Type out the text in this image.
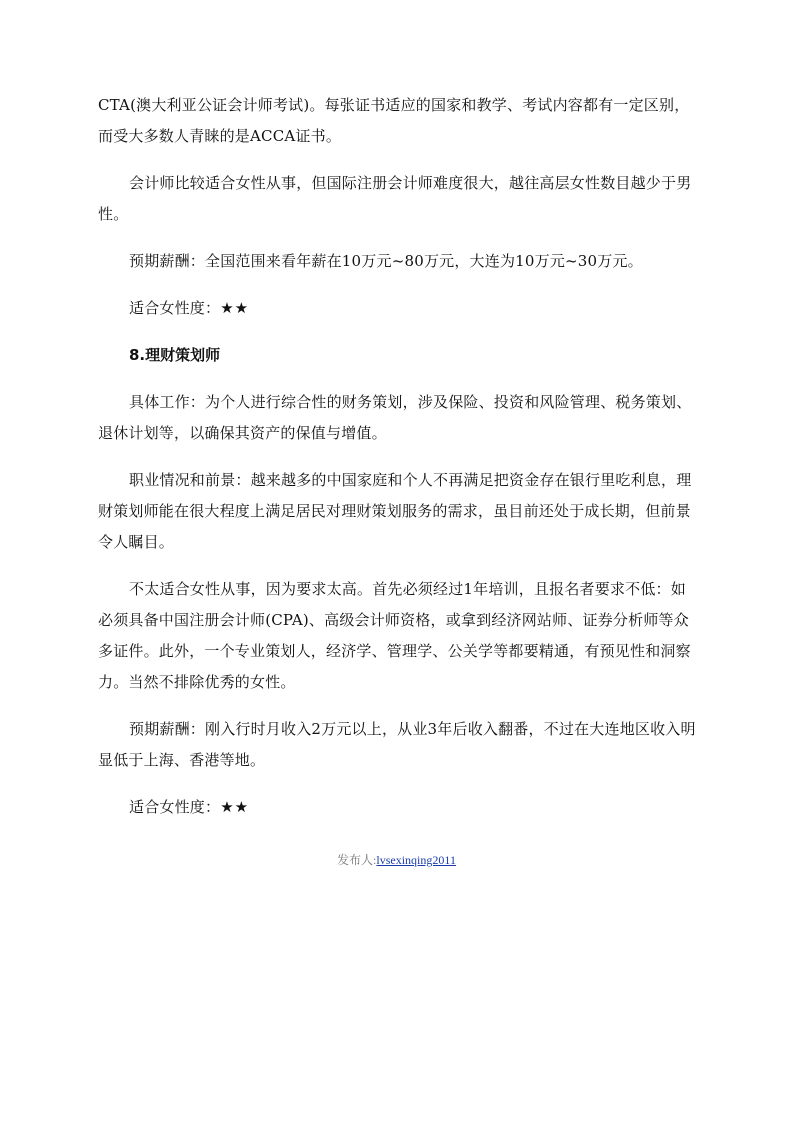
CTA(澳大利亚公证会计师考试)。每张证书适应的国家和教学、考试内容都有一定区别，而受大多数人青睐的是ACCA证书。

会计师比较适合女性从事，但国际注册会计师难度很大，越往高层女性数目越少于男性。

预期薪酬：全国范围来看年薪在10万元~80万元，大连为10万元~30万元。

适合女性度：★★

8.理财策划师

具体工作：为个人进行综合性的财务策划，涉及保险、投资和风险管理、税务策划、退休计划等，以确保其资产的保值与增值。

职业情况和前景：越来越多的中国家庭和个人不再满足把资金存在银行里吃利息，理财策划师能在很大程度上满足居民对理财策划服务的需求，虽目前还处于成长期，但前景令人瞩目。

不太适合女性从事，因为要求太高。首先必须经过1年培训，且报名者要求不低：如必须具备中国注册会计师(CPA)、高级会计师资格，或拿到经济网站师、证券分析师等众多证件。此外，一个专业策划人，经济学、管理学、公关学等都要精通，有预见性和洞察力。当然不排除优秀的女性。

预期薪酬：刚入行时月收入2万元以上，从业3年后收入翻番，不过在大连地区收入明显低于上海、香港等地。

适合女性度：★★

发布人:lvsexinqing2011
